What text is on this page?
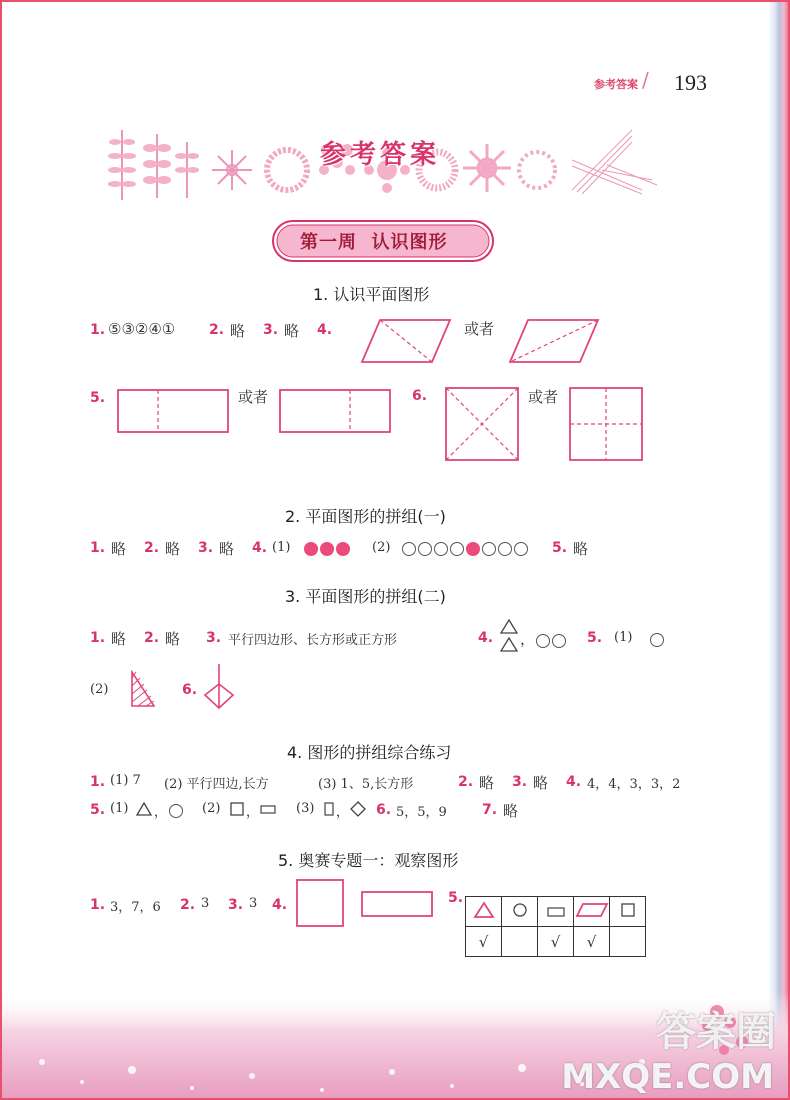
参考答案 / 193
参考答案
第一周  认识图形
1. 认识平面图形
1. ⑤③②④① 2. 略 3. 略 4.	或者
5.	或者	6.	或者
2. 平面图形的拼组(一)
1. 略 2. 略 3. 略 4. (1)	(2)	5. 略
3. 平面图形的拼组(二)
1. 略 2. 略 3. 平行四边形、长方形或正方形	4. ，	5. (1)
(2)	6.
4. 图形的拼组综合练习
1. (1) 7 (2) 平行四边,长方	(3) 1、5,长方形	2. 略 3. 略 4. 4，4，3，3，2
5. (1) ，	(2) ，	(3) ， 6. 5，5，9	7. 略
5. 奥赛专题一：观察图形
1. 3，7，6 2. 3 3. 3 4.	5.

√		√	√	
答案圈
MXQE.COM
